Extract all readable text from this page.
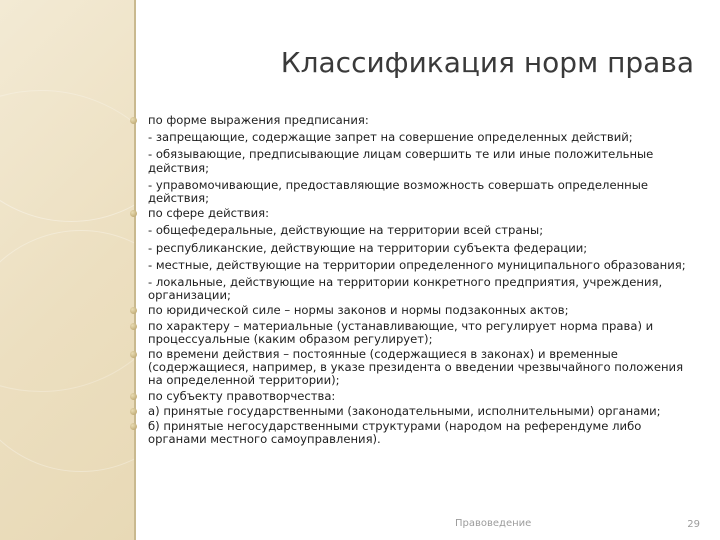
Классификация норм права

по форме выражения предписания:

- запрещающие, содержащие запрет на совершение определенных действий;

- обязывающие, предписывающие лицам совершить те или иные положительные действия;

- управомочивающие, предоставляющие возможность совершать определенные действия;

по сфере действия:

- общефедеральные, действующие на территории всей страны;

- республиканские, действующие на территории субъекта федерации;

- местные, действующие на территории определенного муниципального образования;

- локальные, действующие на территории конкретного предприятия, учреждения, организации;

по юридической силе – нормы законов и нормы подзаконных актов;

по характеру – материальные (устанавливающие, что регулирует норма права) и процессуальные (каким образом регулирует);

по времени действия – постоянные (содержащиеся в законах) и временные (содержащиеся, например, в указе президента о введении чрезвычайного положения на определенной территории);

по субъекту правотворчества:

а) принятые государственными (законодательными, исполнительными) органами;

б) принятые негосударственными структурами (народом на референдуме либо органами местного самоуправления).

Правоведение	29
